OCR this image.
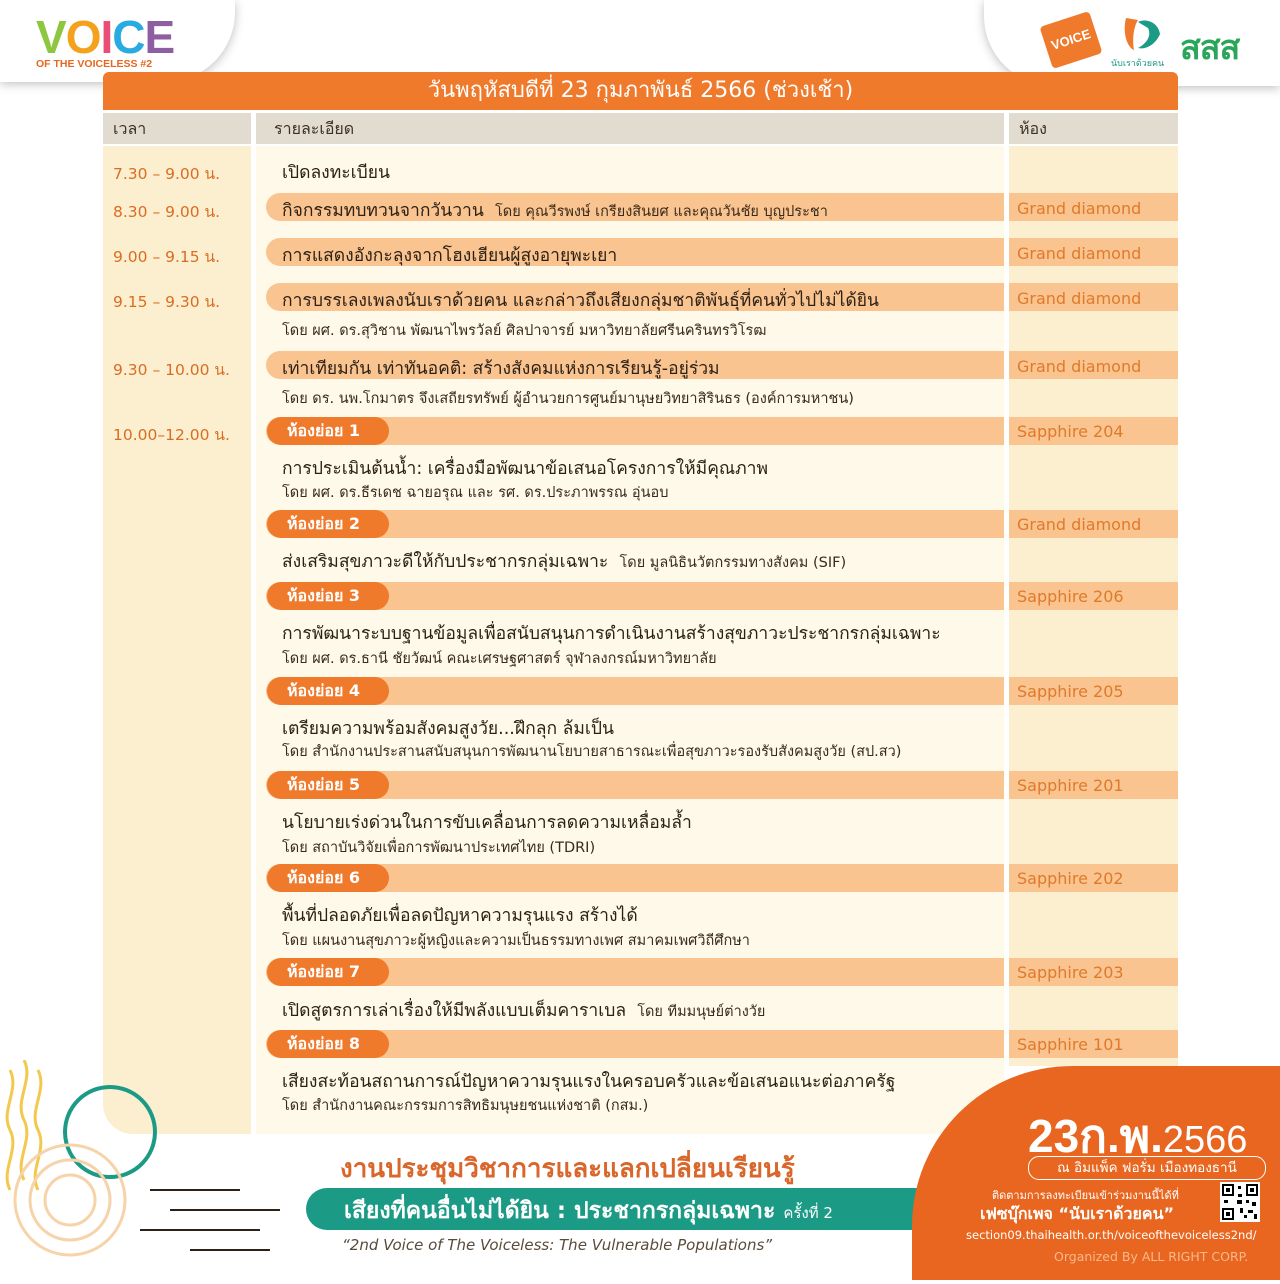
VOICE
OF THE VOICELESS #2
VOICE
นับเราด้วยคน สสส
วันพฤหัสบดีที่ 23 กุมภาพันธ์ 2566 (ช่วงเช้า)
เวลา	รายละเอียด	ห้อง
7.30 – 9.00 น.	เปิดลงทะเบียน
8.30 – 9.00 น.	กิจกรรมทบทวนจากวันวาน โดย คุณวีรพงษ์ เกรียงสินยศ และคุณวันชัย บุญประชา	Grand diamond
9.00 – 9.15 น.	การแสดงอังกะลุงจากโฮงเฮียนผู้สูงอายุพะเยา	Grand diamond
9.15 – 9.30 น.	การบรรเลงเพลงนับเราด้วยคน และกล่าวถึงเสียงกลุ่มชาติพันธุ์ที่คนทั่วไปไม่ได้ยิน
โดย ผศ. ดร.สุวิชาน พัฒนาไพรวัลย์ ศิลปาจารย์ มหาวิทยาลัยศรีนครินทรวิโรฒ
Grand diamond
9.30 – 10.00 น.	เท่าเทียมกัน เท่าทันอคติ: สร้างสังคมแห่งการเรียนรู้-อยู่ร่วม
โดย ดร. นพ.โกมาตร จึงเสถียรทรัพย์ ผู้อำนวยการศูนย์มานุษยวิทยาสิรินธร (องค์การมหาชน)
Grand diamond
10.00–12.00 น.	ห้องย่อย 1	Sapphire 204
การประเมินต้นน้ำ: เครื่องมือพัฒนาข้อเสนอโครงการให้มีคุณภาพ
โดย ผศ. ดร.ธีรเดช ฉายอรุณ และ รศ. ดร.ประภาพรรณ อุ่นอบ
ห้องย่อย 2	Grand diamond
ส่งเสริมสุขภาวะดีให้กับประชากรกลุ่มเฉพาะ โดย มูลนิธินวัตกรรมทางสังคม (SIF)
ห้องย่อย 3	Sapphire 206
การพัฒนาระบบฐานข้อมูลเพื่อสนับสนุนการดำเนินงานสร้างสุขภาวะประชากรกลุ่มเฉพาะ
โดย ผศ. ดร.ธานี ชัยวัฒน์ คณะเศรษฐศาสตร์ จุฬาลงกรณ์มหาวิทยาลัย
ห้องย่อย 4	Sapphire 205
เตรียมความพร้อมสังคมสูงวัย...ฝึกลุก ล้มเป็น
โดย สำนักงานประสานสนับสนุนการพัฒนานโยบายสาธารณะเพื่อสุขภาวะรองรับสังคมสูงวัย (สป.สว)
ห้องย่อย 5	Sapphire 201
นโยบายเร่งด่วนในการขับเคลื่อนการลดความเหลื่อมล้ำ
โดย สถาบันวิจัยเพื่อการพัฒนาประเทศไทย (TDRI)
ห้องย่อย 6	Sapphire 202
พื้นที่ปลอดภัยเพื่อลดปัญหาความรุนแรง สร้างได้
โดย แผนงานสุขภาวะผู้หญิงและความเป็นธรรมทางเพศ สมาคมเพศวิถีศึกษา
ห้องย่อย 7	Sapphire 203
เปิดสูตรการเล่าเรื่องให้มีพลังแบบเต็มคาราเบล โดย ทีมมนุษย์ต่างวัย
ห้องย่อย 8	Sapphire 101
เสียงสะท้อนสถานการณ์ปัญหาความรุนแรงในครอบครัวและข้อเสนอแนะต่อภาครัฐ
โดย สำนักงานคณะกรรมการสิทธิมนุษยชนแห่งชาติ (กสม.)
งานประชุมวิชาการและแลกเปลี่ยนเรียนรู้
เสียงที่คนอื่นไม่ได้ยิน : ประชากรกลุ่มเฉพาะ ครั้งที่ 2
“2nd Voice of The Voiceless: The Vulnerable Populations”
23ก.พ.2566
ณ อิมแพ็ค ฟอรั่ม เมืองทองธานี
ติดตามการลงทะเบียนเข้าร่วมงานนี้ได้ที่
เฟซบุ๊กเพจ “นับเราด้วยคน”
section09.thaihealth.or.th/voiceofthevoiceless2nd/
Organized By ALL RIGHT CORP.
